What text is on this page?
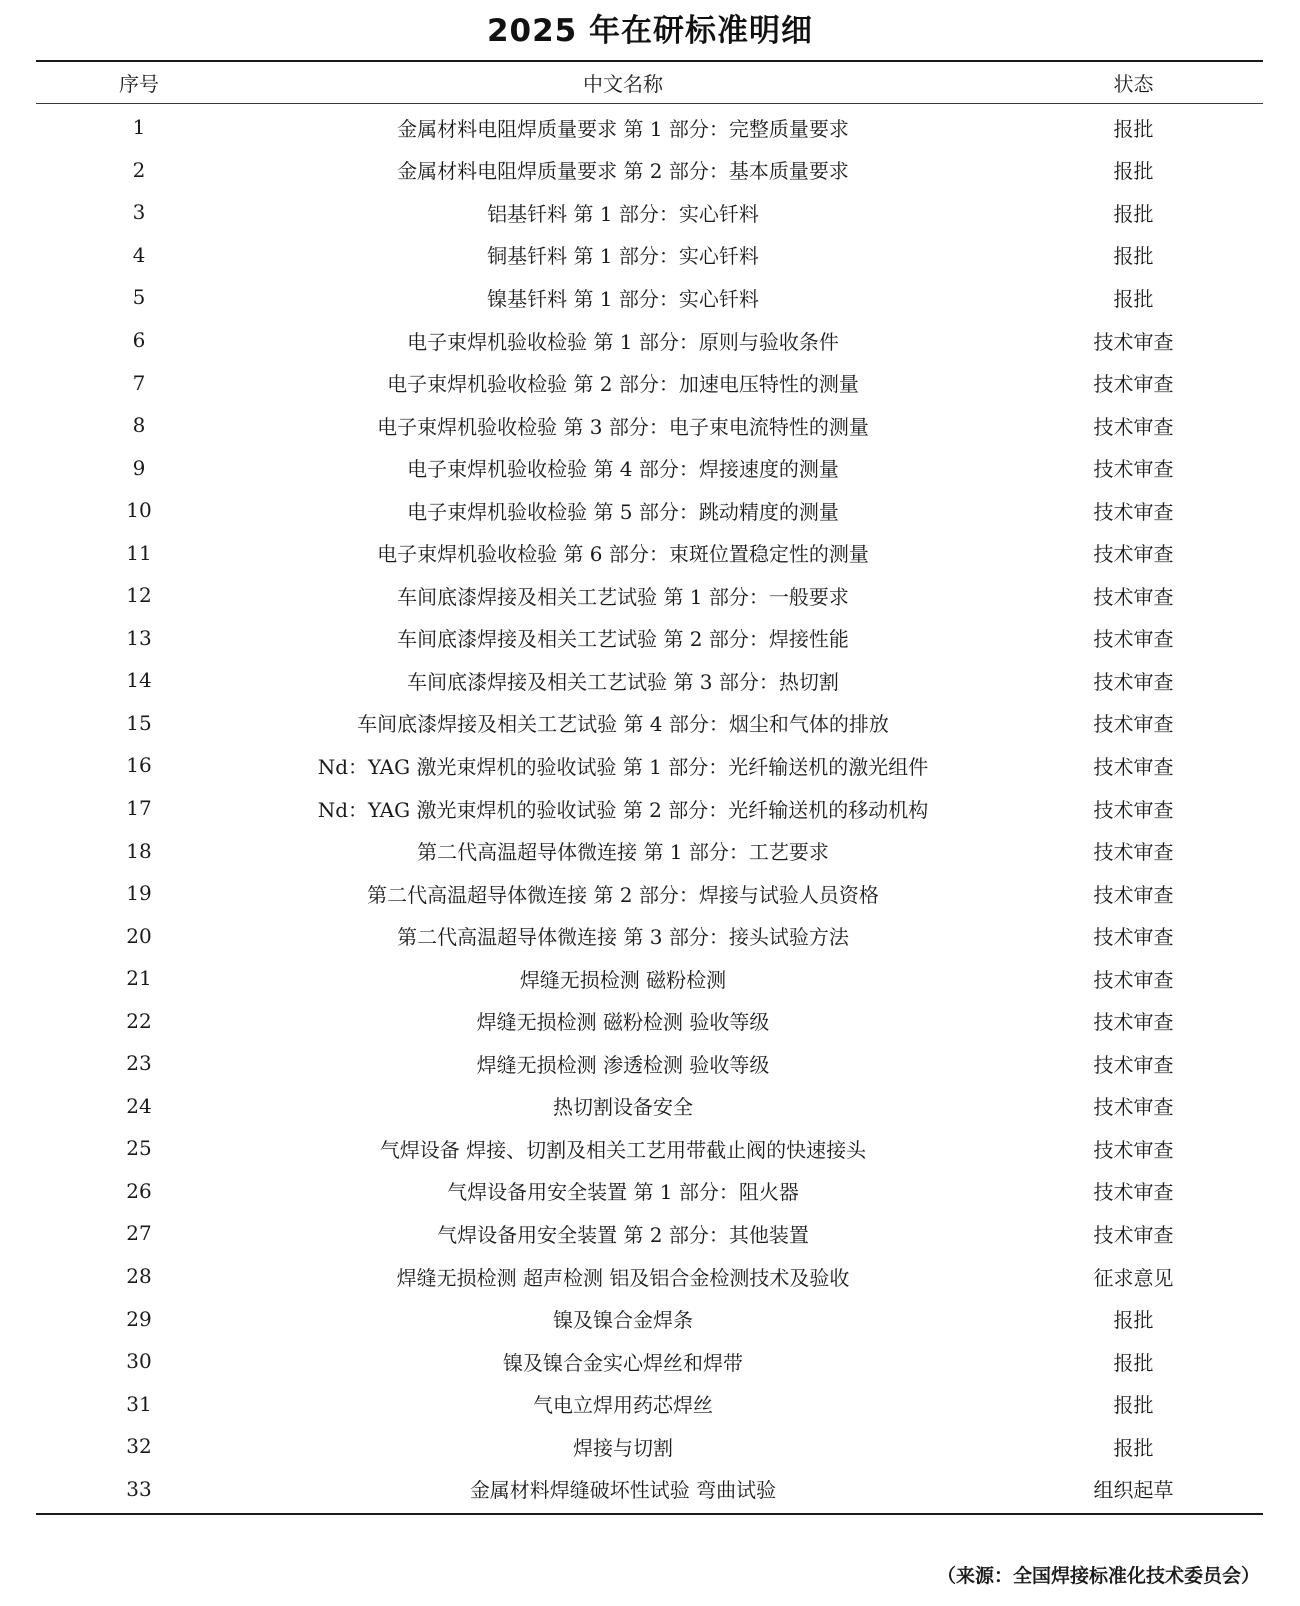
2025 年在研标准明细
序号	中文名称	状态
1	金属材料电阻焊质量要求 第 1 部分：完整质量要求	报批
2	金属材料电阻焊质量要求 第 2 部分：基本质量要求	报批
3	铝基钎料 第 1 部分：实心钎料	报批
4	铜基钎料 第 1 部分：实心钎料	报批
5	镍基钎料 第 1 部分：实心钎料	报批
6	电子束焊机验收检验 第 1 部分：原则与验收条件	技术审查
7	电子束焊机验收检验 第 2 部分：加速电压特性的测量	技术审查
8	电子束焊机验收检验 第 3 部分：电子束电流特性的测量	技术审查
9	电子束焊机验收检验 第 4 部分：焊接速度的测量	技术审查
10	电子束焊机验收检验 第 5 部分：跳动精度的测量	技术审查
11	电子束焊机验收检验 第 6 部分：束斑位置稳定性的测量	技术审查
12	车间底漆焊接及相关工艺试验 第 1 部分：一般要求	技术审查
13	车间底漆焊接及相关工艺试验 第 2 部分：焊接性能	技术审查
14	车间底漆焊接及相关工艺试验 第 3 部分：热切割	技术审查
15	车间底漆焊接及相关工艺试验 第 4 部分：烟尘和气体的排放	技术审查
16	Nd：YAG 激光束焊机的验收试验 第 1 部分：光纤输送机的激光组件	技术审查
17	Nd：YAG 激光束焊机的验收试验 第 2 部分：光纤输送机的移动机构	技术审查
18	第二代高温超导体微连接 第 1 部分：工艺要求	技术审查
19	第二代高温超导体微连接 第 2 部分：焊接与试验人员资格	技术审查
20	第二代高温超导体微连接 第 3 部分：接头试验方法	技术审查
21	焊缝无损检测 磁粉检测	技术审查
22	焊缝无损检测 磁粉检测 验收等级	技术审查
23	焊缝无损检测 渗透检测 验收等级	技术审查
24	热切割设备安全	技术审查
25	气焊设备 焊接、切割及相关工艺用带截止阀的快速接头	技术审查
26	气焊设备用安全装置 第 1 部分：阻火器	技术审查
27	气焊设备用安全装置 第 2 部分：其他装置	技术审查
28	焊缝无损检测 超声检测 铝及铝合金检测技术及验收	征求意见
29	镍及镍合金焊条	报批
30	镍及镍合金实心焊丝和焊带	报批
31	气电立焊用药芯焊丝	报批
32	焊接与切割	报批
33	金属材料焊缝破坏性试验 弯曲试验	组织起草
（来源：全国焊接标准化技术委员会）
